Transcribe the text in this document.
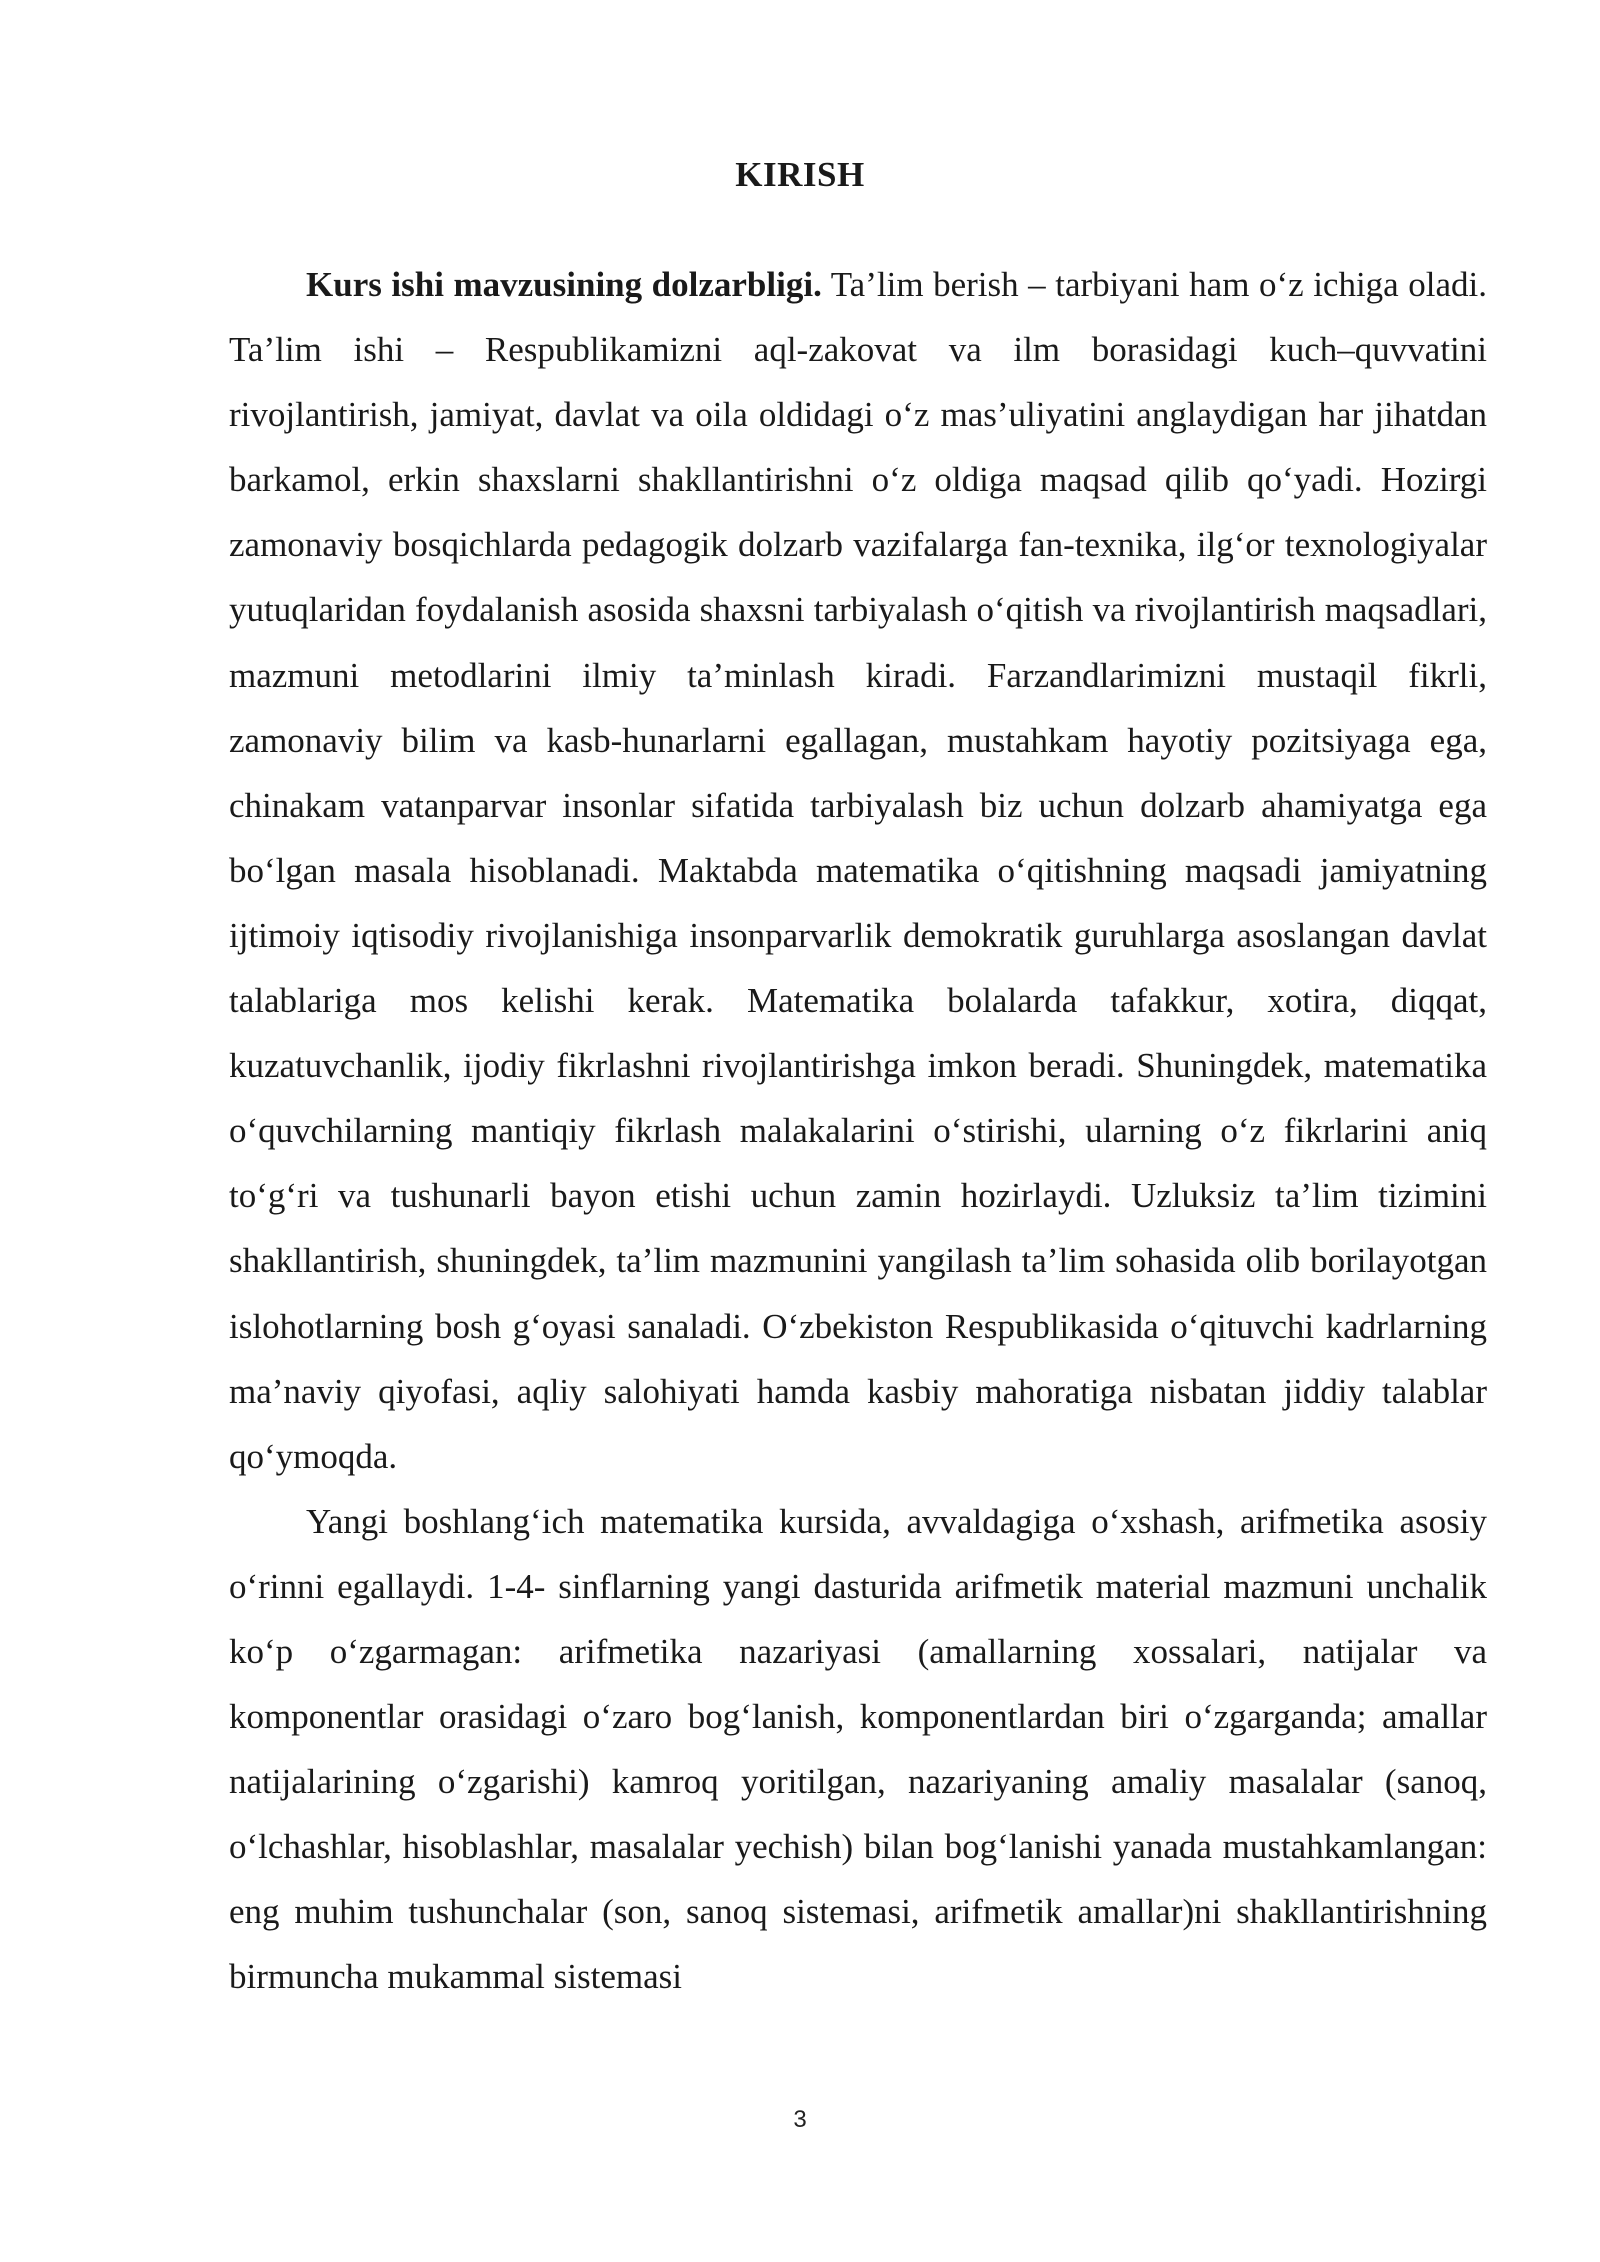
KIRISH

Kurs ishi mavzusining dolzarbligi. Ta’lim berish – tarbiyani ham o‘z ichiga oladi. Ta’lim ishi – Respublikamizni aql-zakovat va ilm borasidagi kuch–quvvatini rivojlantirish, jamiyat, davlat va oila oldidagi o‘z mas’uliyatini anglaydigan har jihatdan barkamol, erkin shaxslarni shakllantirishni o‘z oldiga maqsad qilib qo‘yadi. Hozirgi zamonaviy bosqichlarda pedagogik dolzarb vazifalarga fan-texnika, ilg‘or texnologiyalar yutuqlaridan foydalanish asosida shaxsni tarbiyalash o‘qitish va rivojlantirish maqsadlari, mazmuni metodlarini ilmiy ta’minlash kiradi. Farzandlarimizni mustaqil fikrli, zamonaviy bilim va kasb-hunarlarni egallagan, mustahkam hayotiy pozitsiyaga ega, chinakam vatanparvar insonlar sifatida tarbiyalash biz uchun dolzarb ahamiyatga ega bo‘lgan masala hisoblanadi. Maktabda matematika o‘qitishning maqsadi jamiyatning ijtimoiy iqtisodiy rivojlanishiga insonparvarlik demokratik guruhlarga asoslangan davlat talablariga mos kelishi kerak. Matematika bolalarda tafakkur, xotira, diqqat, kuzatuvchanlik, ijodiy fikrlashni rivojlantirishga imkon beradi. Shuningdek, matematika o‘quvchilarning mantiqiy fikrlash malakalarini o‘stirishi, ularning o‘z fikrlarini aniq to‘g‘ri va tushunarli bayon etishi uchun zamin hozirlaydi. Uzluksiz ta’lim tizimini shakllantirish, shuningdek, ta’lim mazmunini yangilash ta’lim sohasida olib borilayotgan islohotlarning bosh g‘oyasi sanaladi. O‘zbekiston Respublikasida o‘qituvchi kadrlarning ma’naviy qiyofasi, aqliy salohiyati hamda kasbiy mahoratiga nisbatan jiddiy talablar qo‘ymoqda.

Yangi boshlang‘ich matematika kursida, avvaldagiga o‘xshash, arifmetika asosiy o‘rinni egallaydi. 1-4- sinflarning yangi dasturida arifmetik material mazmuni unchalik ko‘p o‘zgarmagan: arifmetika nazariyasi (amallarning xossalari, natijalar va komponentlar orasidagi o‘zaro bog‘lanish, komponentlardan biri o‘zgarganda; amallar natijalarining o‘zgarishi) kamroq yoritilgan, nazariyaning amaliy masalalar (sanoq, o‘lchashlar, hisoblashlar, masalalar yechish) bilan bog‘lanishi yanada mustahkamlangan: eng muhim tushunchalar (son, sanoq sistemasi, arifmetik amallar)ni shakllantirishning birmuncha mukammal sistemasi

3
